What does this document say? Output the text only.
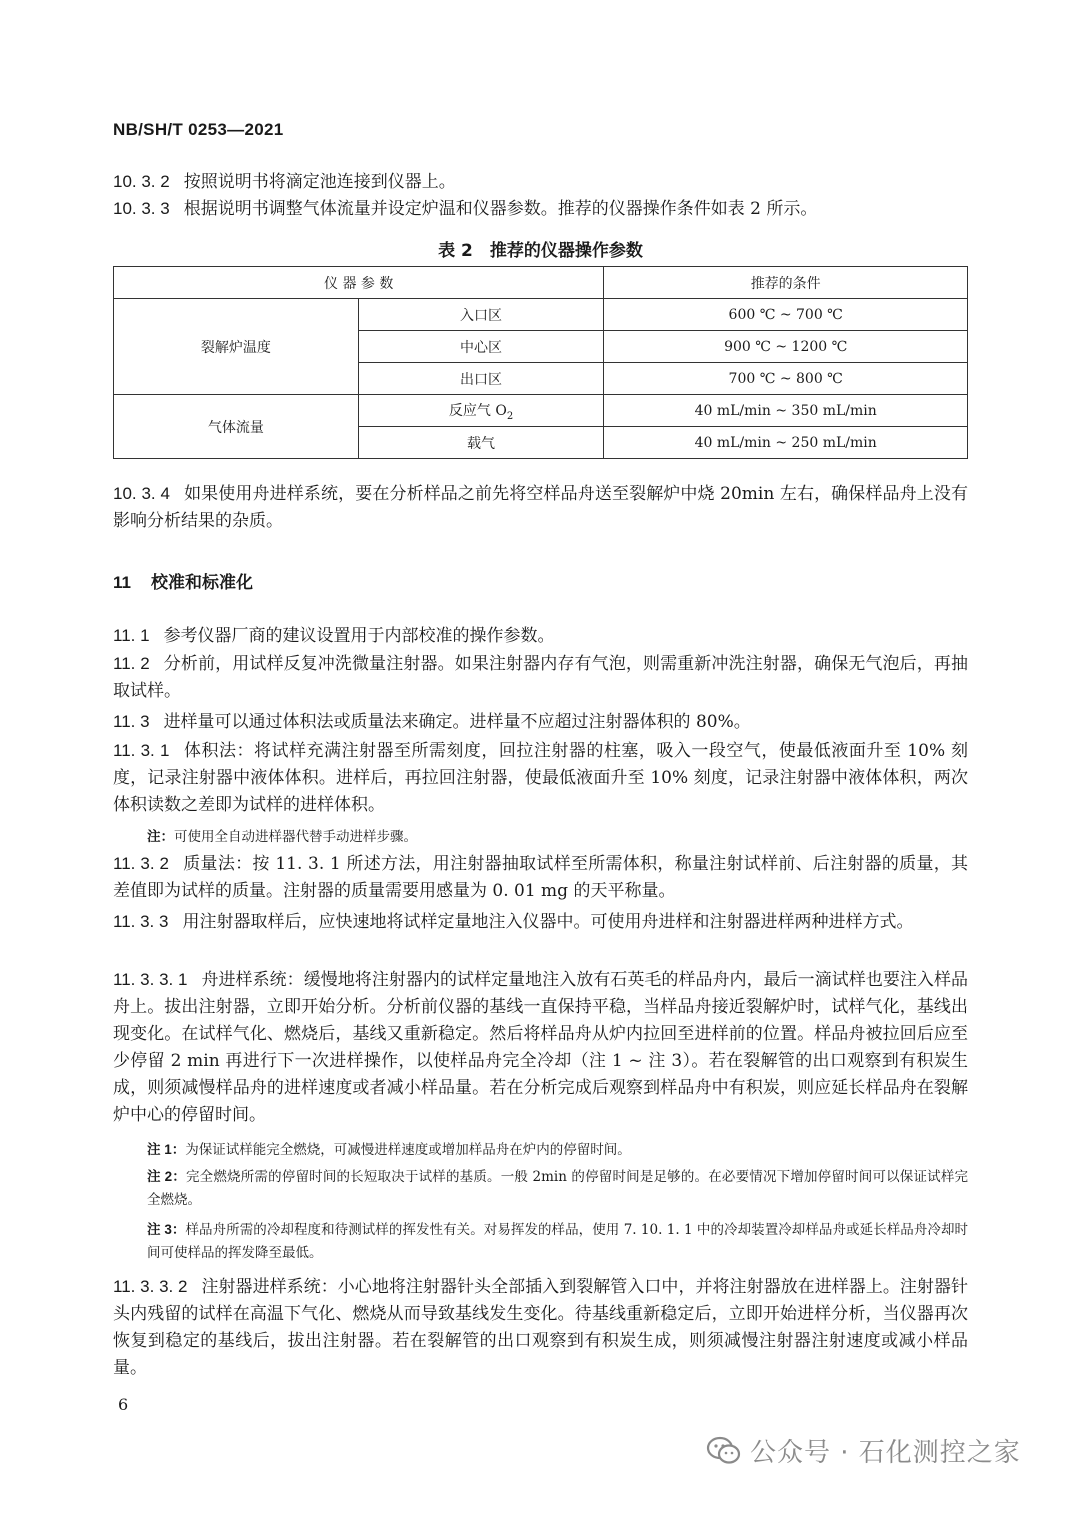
NB/SH/T 0253—2021
10. 3. 2 按照说明书将滴定池连接到仪器上。
10. 3. 3 根据说明书调整气体流量并设定炉温和仪器参数。推荐的仪器操作条件如表 2 所示。
表 2　推荐的仪器操作参数
仪 器 参 数		推荐的条件
裂解炉温度	入口区	600 ℃ ~ 700 ℃
	中心区	900 ℃ ~ 1200 ℃
	出口区	700 ℃ ~ 800 ℃
气体流量	反应气 $O_2$	40 mL/min ~ 350 mL/min
	载气	40 mL/min ~ 250 mL/min
10. 3. 4 如果使用舟进样系统，要在分析样品之前先将空样品舟送至裂解炉中烧 20min 左右，确保样品舟上没有影响分析结果的杂质。
11 校准和标准化
11. 1 参考仪器厂商的建议设置用于内部校准的操作参数。
11. 2 分析前，用试样反复冲洗微量注射器。如果注射器内存有气泡，则需重新冲洗注射器，确保无气泡后，再抽取试样。
11. 3 进样量可以通过体积法或质量法来确定。进样量不应超过注射器体积的 80%。
11. 3. 1 体积法：将试样充满注射器至所需刻度，回拉注射器的柱塞，吸入一段空气，使最低液面升至 10% 刻度，记录注射器中液体体积。进样后，再拉回注射器，使最低液面升至 10% 刻度，记录注射器中液体体积，两次体积读数之差即为试样的进样体积。
注：可使用全自动进样器代替手动进样步骤。
11. 3. 2 质量法：按 11. 3. 1 所述方法，用注射器抽取试样至所需体积，称量注射试样前、后注射器的质量，其差值即为试样的质量。注射器的质量需要用感量为 0. 01 mg 的天平称量。
11. 3. 3 用注射器取样后，应快速地将试样定量地注入仪器中。可使用舟进样和注射器进样两种进样方式。
11. 3. 3. 1 舟进样系统：缓慢地将注射器内的试样定量地注入放有石英毛的样品舟内，最后一滴试样也要注入样品舟上。拔出注射器，立即开始分析。分析前仪器的基线一直保持平稳，当样品舟接近裂解炉时，试样气化，基线出现变化。在试样气化、燃烧后，基线又重新稳定。然后将样品舟从炉内拉回至进样前的位置。样品舟被拉回后应至少停留 2 min 再进行下一次进样操作，以使样品舟完全冷却（注 1 ~ 注 3）。若在裂解管的出口观察到有积炭生成，则须减慢样品舟的进样速度或者减小样品量。若在分析完成后观察到样品舟中有积炭，则应延长样品舟在裂解炉中心的停留时间。
注 1：为保证试样能完全燃烧，可减慢进样速度或增加样品舟在炉内的停留时间。
注 2：完全燃烧所需的停留时间的长短取决于试样的基质。一般 2min 的停留时间是足够的。在必要情况下增加停留时间可以保证试样完全燃烧。
注 3：样品舟所需的冷却程度和待测试样的挥发性有关。对易挥发的样品，使用 7. 10. 1. 1 中的冷却装置冷却样品舟或延长样品舟冷却时间可使样品的挥发降至最低。
11. 3. 3. 2 注射器进样系统：小心地将注射器针头全部插入到裂解管入口中，并将注射器放在进样器上。注射器针头内残留的试样在高温下气化、燃烧从而导致基线发生变化。待基线重新稳定后，立即开始进样分析，当仪器再次恢复到稳定的基线后，拔出注射器。若在裂解管的出口观察到有积炭生成，则须减慢注射器注射速度或减小样品量。
6
公众号 · 石化测控之家
